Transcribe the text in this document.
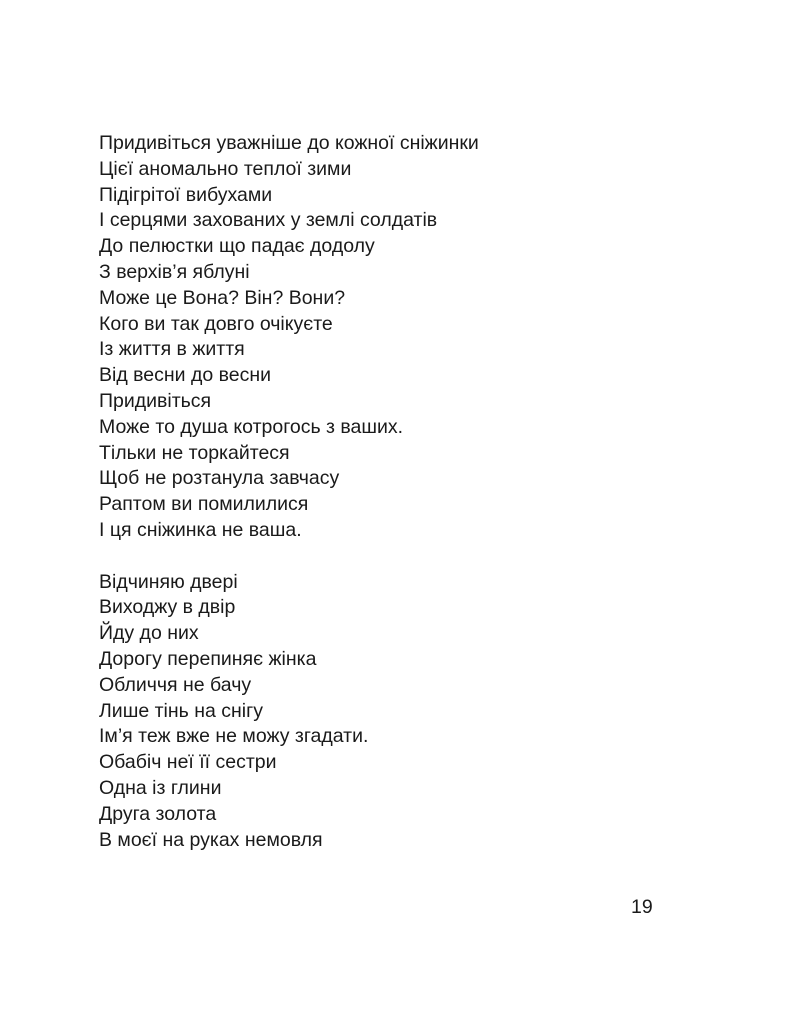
Придивіться уважніше до кожної сніжинки
Цієї аномально теплої зими
Підігрітої вибухами
І серцями захованих у землі солдатів
До пелюстки що падає додолу
З верхів’я яблуні
Може це Вона? Він? Вони?
Кого ви так довго очікуєте
Із життя в життя
Від весни до весни
Придивіться
Може то душа котрогось з ваших.
Тільки не торкайтеся
Щоб не розтанула завчасу
Раптом ви помилилися
І ця сніжинка не ваша.
Відчиняю двері
Виходжу в двір
Йду до них
Дорогу перепиняє жінка
Обличчя не бачу
Лише тінь на снігу
Ім’я теж вже не можу згадати.
Обабіч неї її сестри
Одна із глини
Друга золота
В моєї на руках немовля
19
